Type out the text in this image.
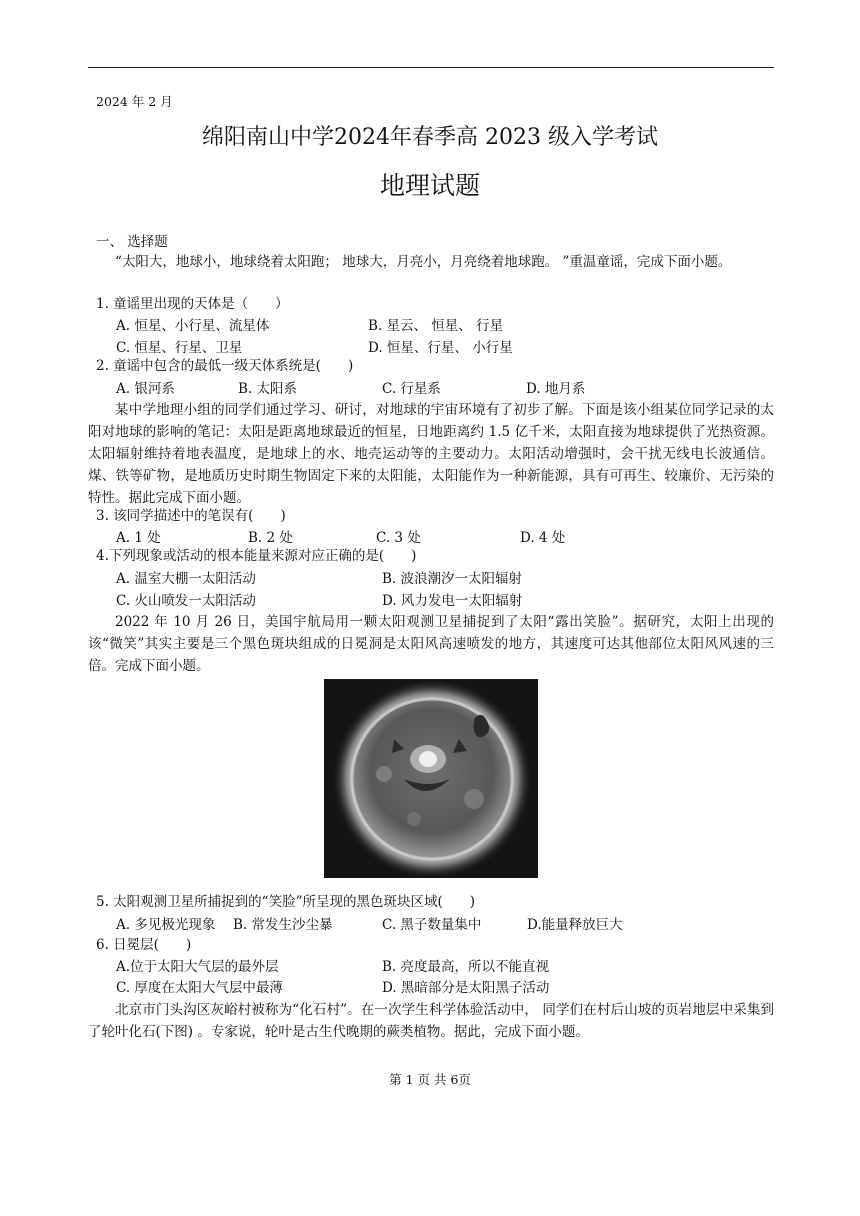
2024 年 2 月
绵阳南山中学2024年春季高 2023 级入学考试
地理试题
一、 选择题
“太阳大，地球小，地球绕着太阳跑； 地球大，月亮小，月亮绕着地球跑。 ”重温童谣，完成下面小题。
1. 童谣里出现的天体是（　　）
A. 恒星、小行星、流星体	B. 星云、 恒星、 行星
C. 恒星、行星、卫星	D. 恒星、行星、 小行星
2. 童谣中包含的最低一级天体系统是(　　)
A. 银河系	B. 太阳系	C. 行星系	D. 地月系
某中学地理小组的同学们通过学习、研讨，对地球的宇宙环境有了初步了解。下面是该小组某位同学记录的太阳对地球的影响的笔记：太阳是距离地球最近的恒星，日地距离约 1.5 亿千米，太阳直接为地球提供了光热资源。太阳辐射维持着地表温度，是地球上的水、地壳运动等的主要动力。太阳活动增强时，会干扰无线电长波通信。煤、铁等矿物，是地质历史时期生物固定下来的太阳能，太阳能作为一种新能源，具有可再生、较廉价、无污染的特性。据此完成下面小题。
3. 该同学描述中的笔误有(　　)
A. 1 处	B. 2 处	C. 3 处	D. 4 处
4.下列现象或活动的根本能量来源对应正确的是(　　)
A. 温室大棚一太阳活动	B. 波浪潮汐一太阳辐射
C. 火山喷发一太阳活动	D. 风力发电一太阳辐射
2022 年 10 月 26 日，美国宇航局用一颗太阳观测卫星捕捉到了太阳“露出笑脸”。据研究，太阳上出现的该“微笑”其实主要是三个黑色斑块组成的日冕洞是太阳风高速喷发的地方，其速度可达其他部位太阳风风速的三倍。完成下面小题。
5. 太阳观测卫星所捕捉到的“笑脸”所呈现的黑色斑块区域(　　)
A. 多见极光现象 B. 常发生沙尘暴	C. 黑子数量集中	D.能量释放巨大
6. 日冕层(　　)
A.位于太阳大气层的最外层	B. 亮度最高，所以不能直视
C. 厚度在太阳大气层中最薄	D. 黑暗部分是太阳黑子活动
北京市门头沟区灰峪村被称为“化石村”。在一次学生科学体验活动中， 同学们在村后山坡的页岩地层中采集到了轮叶化石(下图) 。专家说，轮叶是古生代晚期的蕨类植物。据此，完成下面小题。
第 1 页 共 6页
